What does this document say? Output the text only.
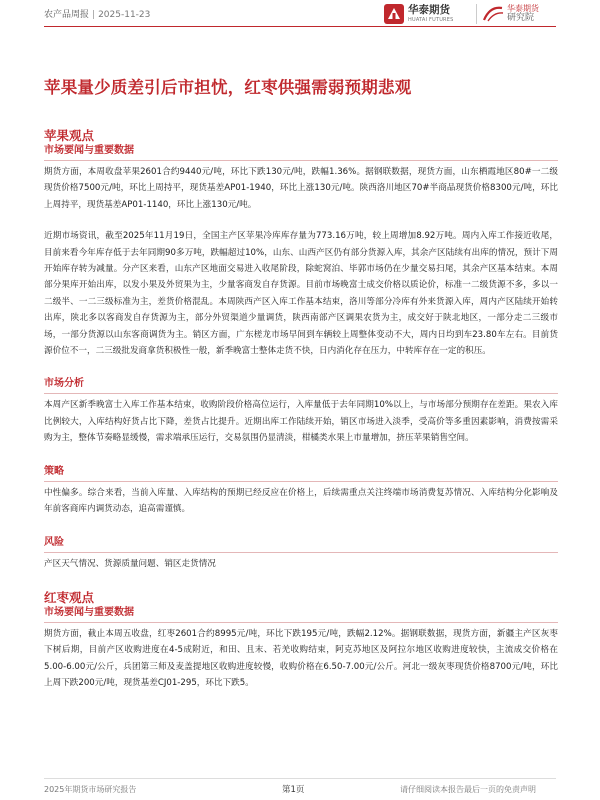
农产品周报 | 2025-11-23	华泰期货
HUATAI FUTURES
华泰期货
研究院
苹果量少质差引后市担忧，红枣供强需弱预期悲观

苹果观点

市场要闻与重要数据

期货方面，本周收盘苹果2601合约9440元/吨，环比下跌130元/吨，跌幅1.36%。据钢联数据，现货方面，山东栖霞地区80#一二级现货价格7500元/吨，环比上周持平，现货基差AP01-1940，环比上涨130元/吨。陕西洛川地区70#半商品现货价格8300元/吨，环比上周持平，现货基差AP01-1140，环比上涨130元/吨。

近期市场资讯，截至2025年11月19日，全国主产区苹果冷库库存量为773.16万吨，较上周增加8.92万吨。周内入库工作接近收尾，目前来看今年库存低于去年同期90多万吨，跌幅超过10%，山东、山西产区仍有部分货源入库，其余产区陆续有出库的情况，预计下周开始库存转为减量。分产区来看，山东产区地面交易进入收尾阶段，除蛇窝泊、毕郭市场仍在少量交易扫尾，其余产区基本结束。本周部分果库开始出库，以发小果及外贸果为主，少量客商发自存货源。目前市场晚富士成交价格以质论价，标准一二级货源不多，多以一二级半、一二三级标准为主，差货价格混乱。本周陕西产区入库工作基本结束，洛川等部分冷库有外来货源入库，周内产区陆续开始转出库，陕北多以客商发自存货源为主，部分外贸渠道少量调货，陕西南部产区调果农货为主，成交好于陕北地区，一部分走二三级市场，一部分货源以山东客商调货为主。销区方面，广东槎龙市场早间到车辆较上周整体变动不大，周内日均到车23.80车左右。目前货源价位不一，二三级批发商拿货积极性一般，新季晚富士整体走货不快，日内消化存在压力，中转库存在一定的积压。

市场分析

本周产区新季晚富士入库工作基本结束，收购阶段价格高位运行，入库量低于去年同期10%以上，与市场部分预期存在差距。果农入库比例较大，入库结构好货占比下降，差货占比提升。近期出库工作陆续开始，销区市场进入淡季，受高价等多重因素影响，消费按需采购为主，整体节奏略显缓慢，需求端承压运行，交易氛围仍显清淡，柑橘类水果上市量增加，挤压苹果销售空间。

策略

中性偏多。综合来看，当前入库量、入库结构的预期已经反应在价格上，后续需重点关注终端市场消费复苏情况、入库结构分化影响及年前客商库内调货动态，追高需谨慎。

风险

产区天气情况、货源质量问题、销区走货情况

红枣观点

市场要闻与重要数据

期货方面，截止本周五收盘，红枣2601合约8995元/吨，环比下跌195元/吨，跌幅2.12%。据钢联数据，现货方面，新疆主产区灰枣下树后期，目前产区收购进度在4-5成附近，和田、且末、若羌收购结束，阿克苏地区及阿拉尔地区收购进度较快，主流成交价格在5.00-6.00元/公斤，兵团第三师及麦盖提地区收购进度较慢，收购价格在6.50-7.00元/公斤。河北一级灰枣现货价格8700元/吨，环比上周下跌200元/吨，现货基差CJ01-295，环比下跌5。

2025年期货市场研究报告	第1页	请仔细阅读本报告最后一页的免责声明
